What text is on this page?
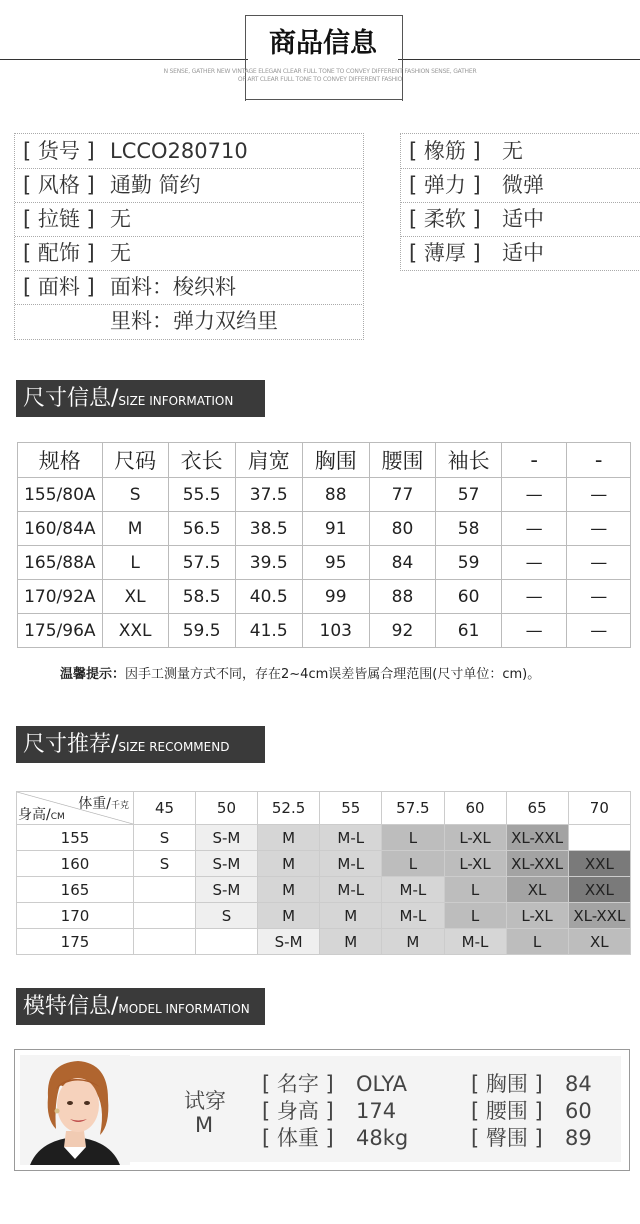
商品信息
N SENSE, GATHER NEW VINTAGE ELEGAN CLEAR FULL TONE TO CONVEY DIFFERENT FASHION SENSE, GATHER
OF ART CLEAR FULL TONE TO CONVEY DIFFERENT FASHIO
[ 货号 ] LCCO280710
[ 风格 ] 通勤 简约
[ 拉链 ] 无
[ 配饰 ] 无
[ 面料 ] 面料：梭织料
里料：弹力双绉里
[ 橡筋 ] 无
[ 弹力 ] 微弹
[ 柔软 ] 适中
[ 薄厚 ] 适中
尺寸信息/SIZE INFORMATION
规格	尺码	衣长	肩宽	胸围	腰围	袖长	-	-
155/80A	S	55.5	37.5	88	77	57	—	—
160/84A	M	56.5	38.5	91	80	58	—	—
165/88A	L	57.5	39.5	95	84	59	—	—
170/92A	XL	58.5	40.5	99	88	60	—	—
175/96A	XXL	59.5	41.5	103	92	61	—	—
温馨提示：因手工测量方式不同，存在2~4cm误差皆属合理范围(尺寸单位：cm)。
尺寸推荐/SIZE RECOMMEND
体重/千克
身高/CM	45	50	52.5	55	57.5	60	65	70
155	S	S-M	M	M-L	L	L-XL	XL-XXL	
160	S	S-M	M	M-L	L	L-XL	XL-XXL	XXL
165		S-M	M	M-L	M-L	L	XL	XXL
170		S	M	M	M-L	L	L-XL	XL-XXL
175			S-M	M	M	M-L	L	XL
模特信息/MODEL INFORMATION
试穿
M
[ 名字 ] OLYA
[ 身高 ] 174
[ 体重 ] 48kg
[ 胸围 ] 84
[ 腰围 ] 60
[ 臀围 ] 89
